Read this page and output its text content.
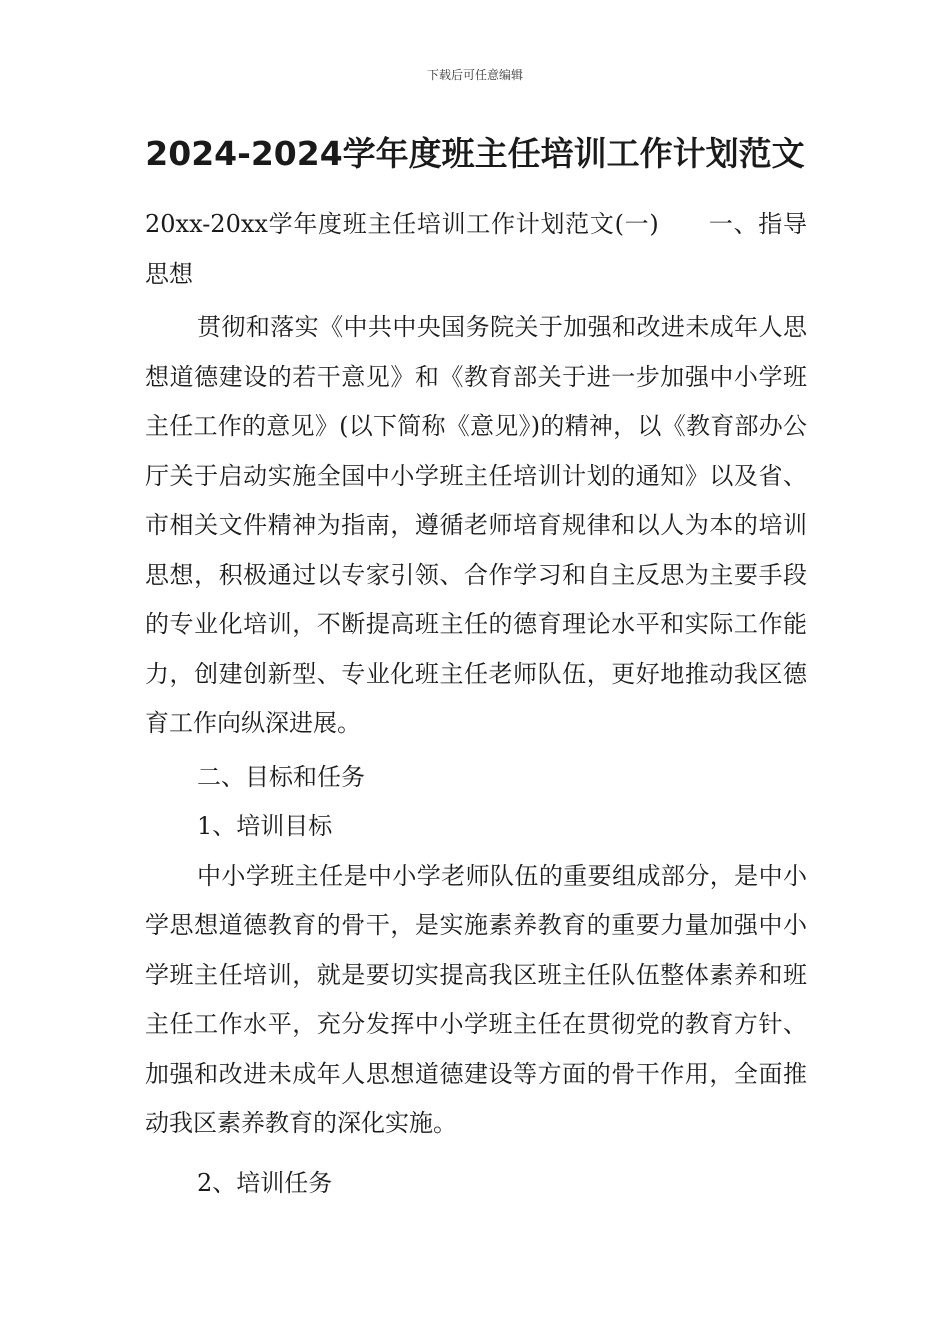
下载后可任意编辑
2024-2024学年度班主任培训工作计划范文

20xx-20xx学年度班主任培训工作计划范文(一)　　一、指导思想

贯彻和落实《中共中央国务院关于加强和改进未成年人思想道德建设的若干意见》和《教育部关于进一步加强中小学班主任工作的意见》(以下简称《意见》)的精神，以《教育部办公厅关于启动实施全国中小学班主任培训计划的通知》以及省、市相关文件精神为指南，遵循老师培育规律和以人为本的培训思想，积极通过以专家引领、合作学习和自主反思为主要手段的专业化培训，不断提高班主任的德育理论水平和实际工作能力，创建创新型、专业化班主任老师队伍，更好地推动我区德育工作向纵深进展。

二、目标和任务

1、培训目标

中小学班主任是中小学老师队伍的重要组成部分，是中小学思想道德教育的骨干，是实施素养教育的重要力量加强中小学班主任培训，就是要切实提高我区班主任队伍整体素养和班主任工作水平，充分发挥中小学班主任在贯彻党的教育方针、加强和改进未成年人思想道德建设等方面的骨干作用，全面推动我区素养教育的深化实施。

2、培训任务
